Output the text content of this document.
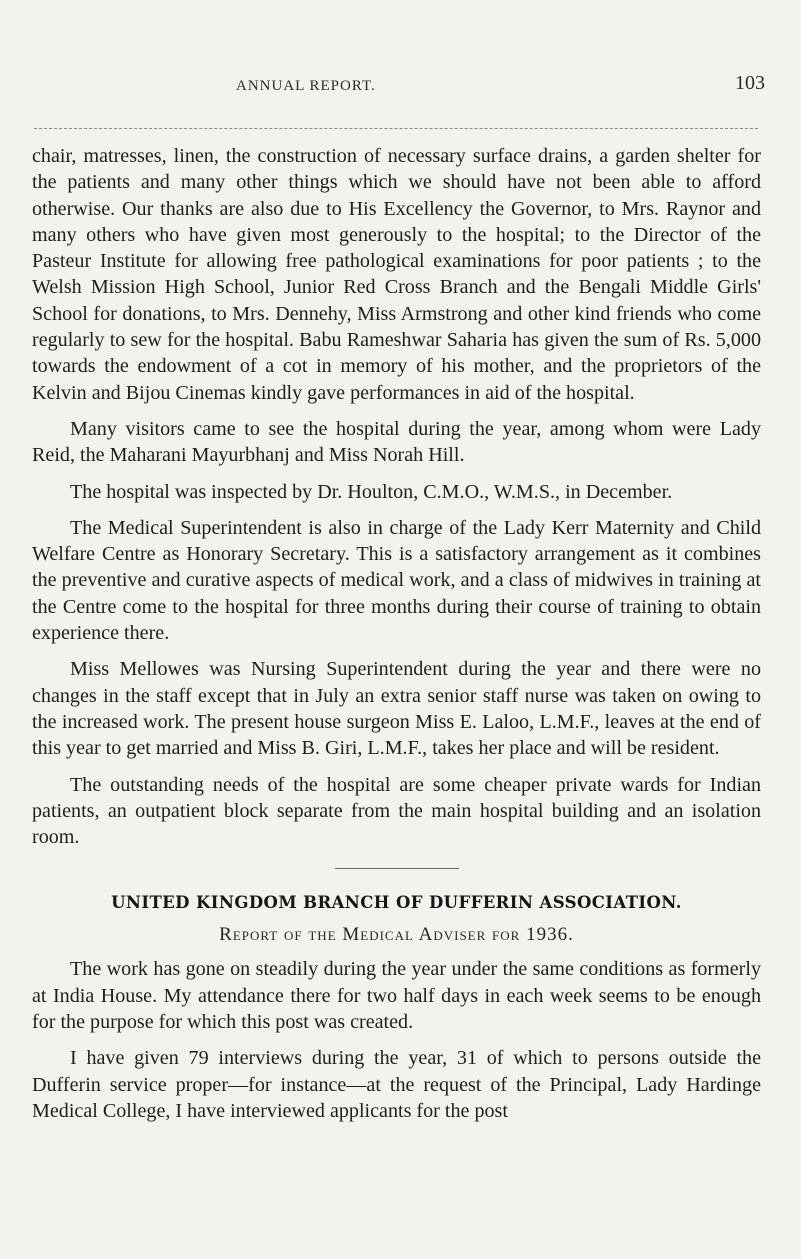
ANNUAL REPORT.	103

chair, matresses, linen, the construction of necessary surface drains, a garden shelter for the patients and many other things which we should have not been able to afford otherwise. Our thanks are also due to His Excellency the Governor, to Mrs. Raynor and many others who have given most generously to the hospital; to the Director of the Pasteur Institute for allowing free pathological examinations for poor patients ; to the Welsh Mission High School, Junior Red Cross Branch and the Bengali Middle Girls' School for donations, to Mrs. Dennehy, Miss Armstrong and other kind friends who come regularly to sew for the hospital. Babu Rameshwar Saharia has given the sum of Rs. 5,000 towards the endowment of a cot in memory of his mother, and the proprietors of the Kelvin and Bijou Cinemas kindly gave performances in aid of the hospital.

Many visitors came to see the hospital during the year, among whom were Lady Reid, the Maharani Mayurbhanj and Miss Norah Hill.

The hospital was inspected by Dr. Houlton, C.M.O., W.M.S., in December.

The Medical Superintendent is also in charge of the Lady Kerr Maternity and Child Welfare Centre as Honorary Secretary. This is a satisfactory arrangement as it combines the preventive and curative aspects of medical work, and a class of midwives in training at the Centre come to the hospital for three months during their course of training to obtain experience there.

Miss Mellowes was Nursing Superintendent during the year and there were no changes in the staff except that in July an extra senior staff nurse was taken on owing to the increased work. The present house surgeon Miss E. Laloo, L.M.F., leaves at the end of this year to get married and Miss B. Giri, L.M.F., takes her place and will be resident.

The outstanding needs of the hospital are some cheaper private wards for Indian patients, an outpatient block separate from the main hospital building and an isolation room.

UNITED KINGDOM BRANCH OF DUFFERIN ASSOCIATION.
Report of the Medical Adviser for 1936.

The work has gone on steadily during the year under the same conditions as formerly at India House. My attendance there for two half days in each week seems to be enough for the purpose for which this post was created.

I have given 79 interviews during the year, 31 of which to persons outside the Dufferin service proper—for instance—at the request of the Principal, Lady Hardinge Medical College, I have interviewed applicants for the post
